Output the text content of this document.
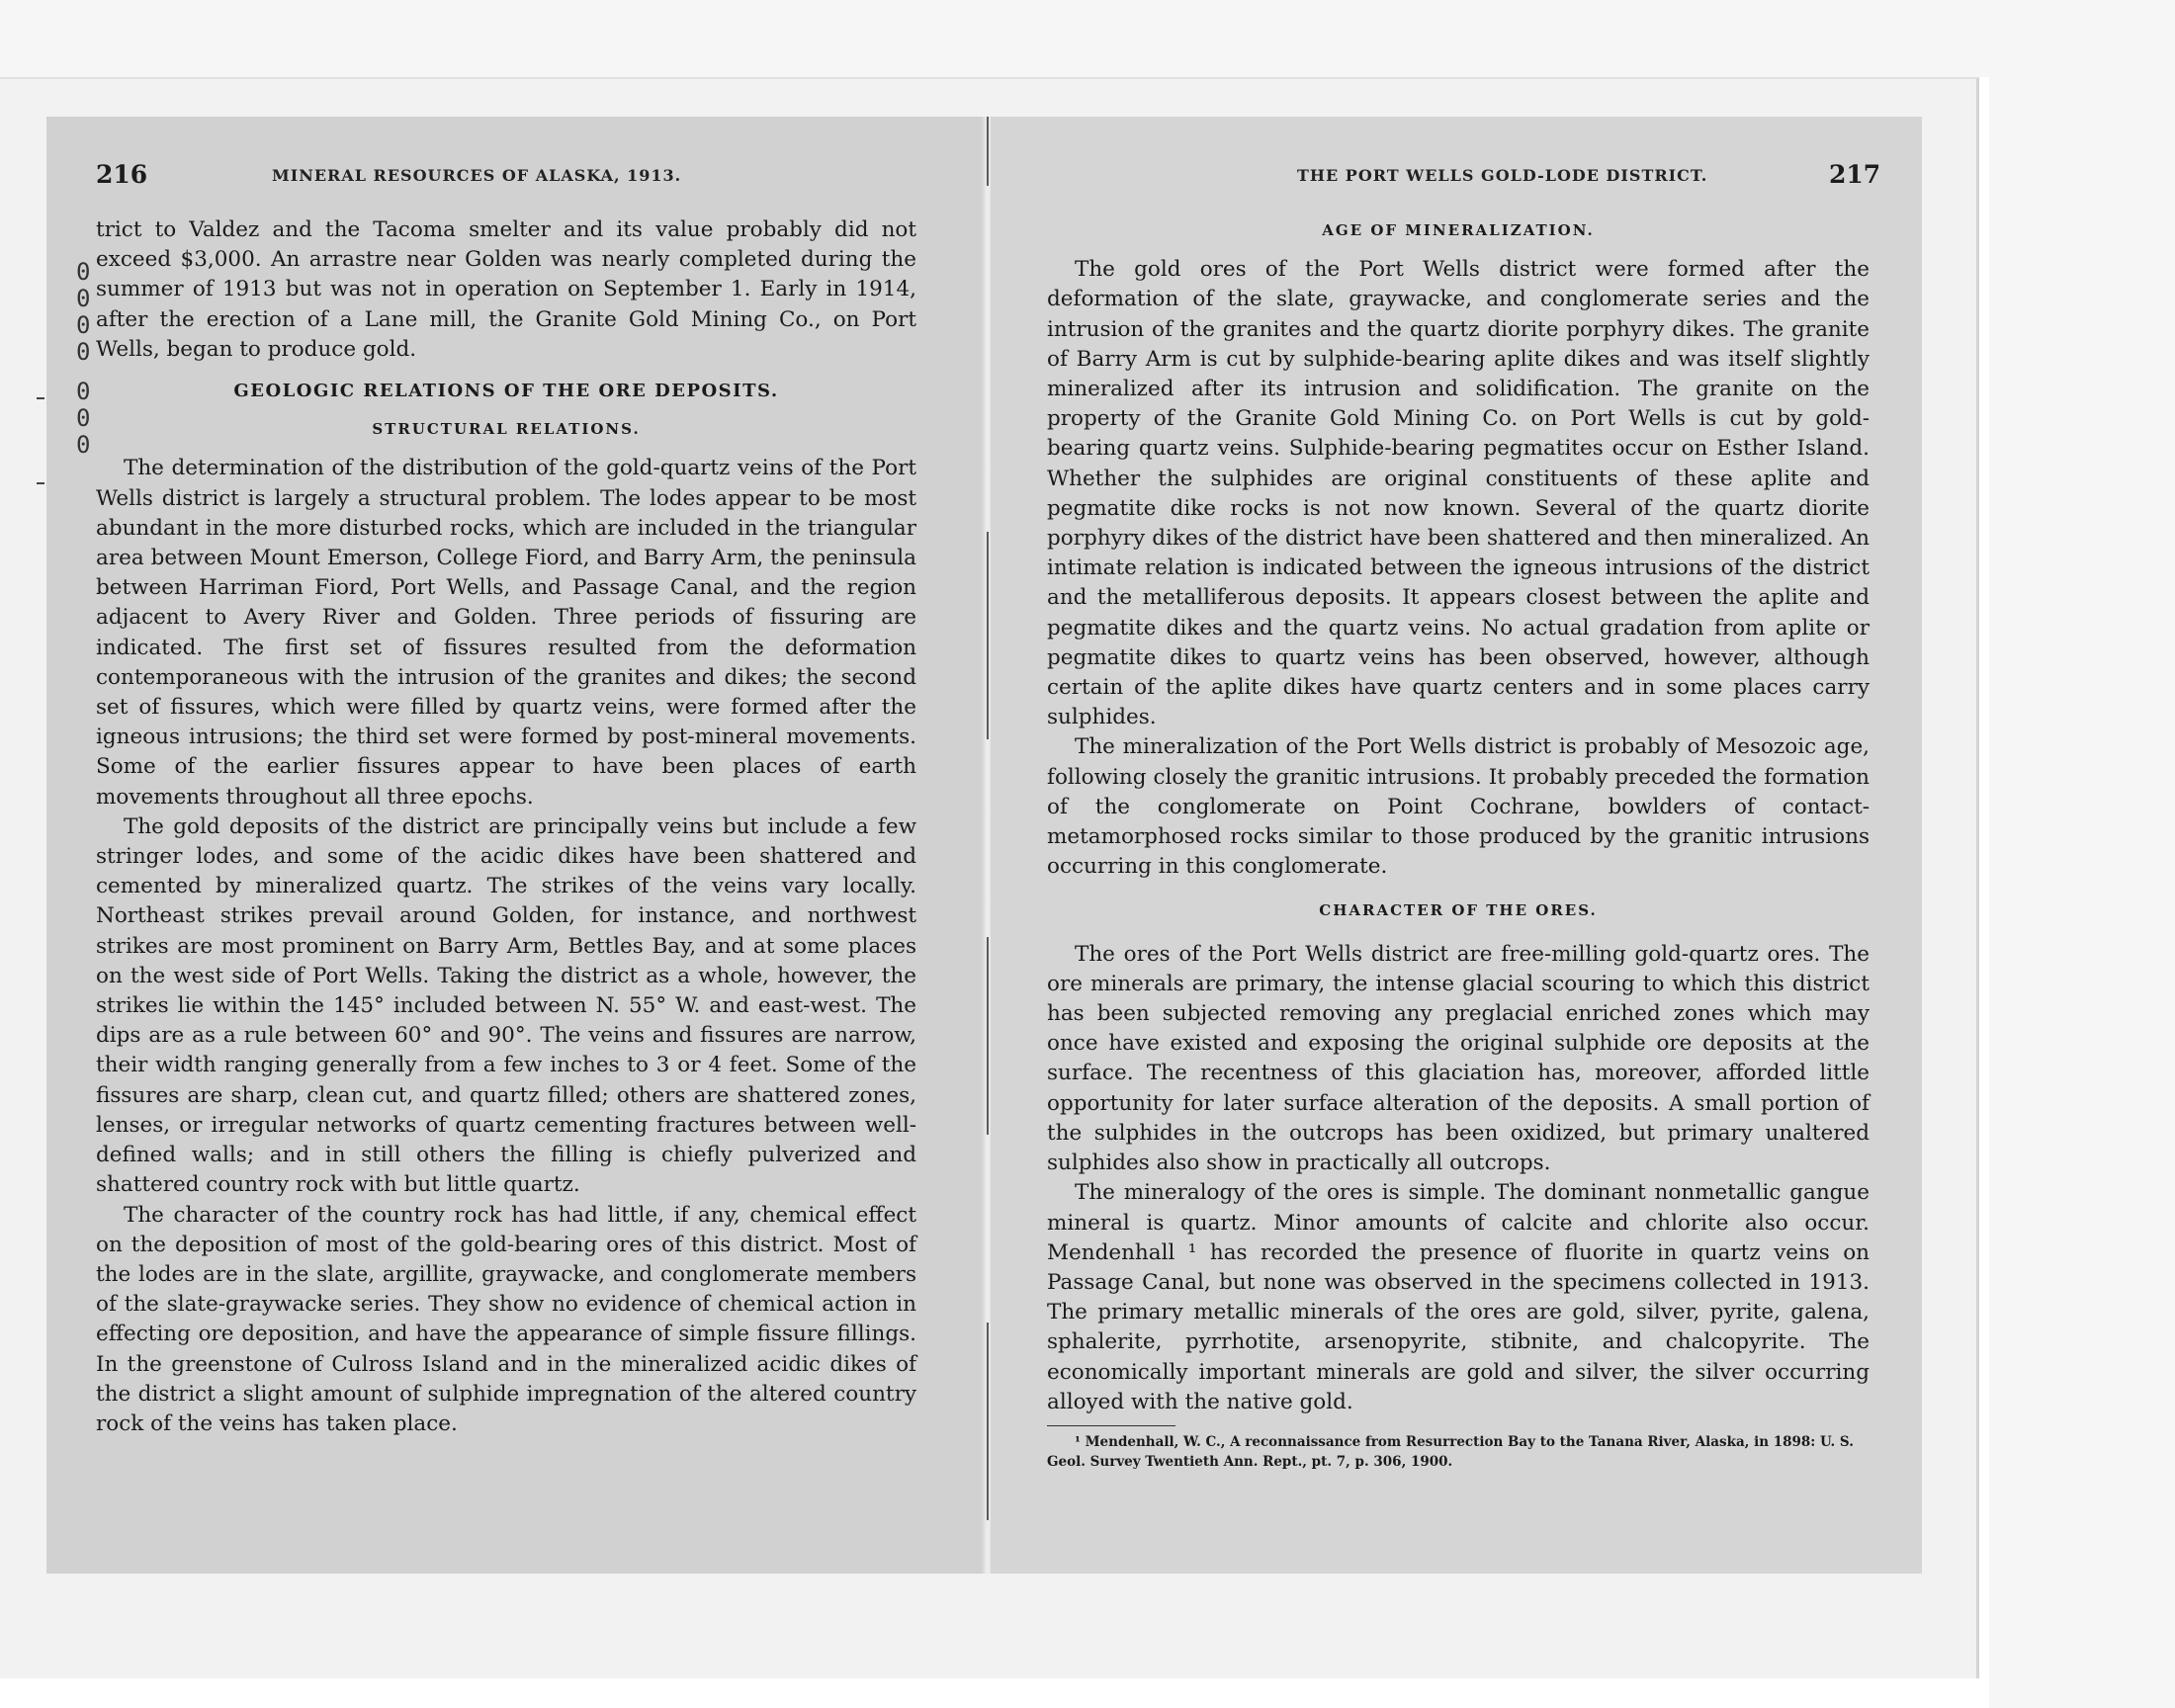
216	MINERAL RESOURCES OF ALASKA, 1913.
0
0
0
0
0
0
0

trict to Valdez and the Tacoma smelter and its value probably did not exceed $3,000. An arrastre near Golden was nearly completed during the summer of 1913 but was not in operation on September 1. Early in 1914, after the erection of a Lane mill, the Granite Gold Mining Co., on Port Wells, began to produce gold.

GEOLOGIC RELATIONS OF THE ORE DEPOSITS.
STRUCTURAL RELATIONS.

The determination of the distribution of the gold-quartz veins of the Port Wells district is largely a structural problem. The lodes appear to be most abundant in the more disturbed rocks, which are included in the triangular area between Mount Emerson, College Fiord, and Barry Arm, the peninsula between Harriman Fiord, Port Wells, and Passage Canal, and the region adjacent to Avery River and Golden. Three periods of fissuring are indicated. The first set of fissures resulted from the deformation contemporaneous with the intrusion of the granites and dikes; the second set of fissures, which were filled by quartz veins, were formed after the igneous intrusions; the third set were formed by post-mineral movements. Some of the earlier fissures appear to have been places of earth movements throughout all three epochs.

The gold deposits of the district are principally veins but include a few stringer lodes, and some of the acidic dikes have been shattered and cemented by mineralized quartz. The strikes of the veins vary locally. Northeast strikes prevail around Golden, for instance, and northwest strikes are most prominent on Barry Arm, Bettles Bay, and at some places on the west side of Port Wells. Taking the district as a whole, however, the strikes lie within the 145° included between N. 55° W. and east-west. The dips are as a rule between 60° and 90°. The veins and fissures are narrow, their width ranging generally from a few inches to 3 or 4 feet. Some of the fissures are sharp, clean cut, and quartz filled; others are shattered zones, lenses, or irregular networks of quartz cementing fractures between well-defined walls; and in still others the filling is chiefly pulverized and shattered country rock with but little quartz.

The character of the country rock has had little, if any, chemical effect on the deposition of most of the gold-bearing ores of this district. Most of the lodes are in the slate, argillite, graywacke, and conglomerate members of the slate-graywacke series. They show no evidence of chemical action in effecting ore deposition, and have the appearance of simple fissure fillings. In the greenstone of Culross Island and in the mineralized acidic dikes of the district a slight amount of sulphide impregnation of the altered country rock of the veins has taken place.

THE PORT WELLS GOLD-LODE DISTRICT.	217
AGE OF MINERALIZATION.

The gold ores of the Port Wells district were formed after the deformation of the slate, graywacke, and conglomerate series and the intrusion of the granites and the quartz diorite porphyry dikes. The granite of Barry Arm is cut by sulphide-bearing aplite dikes and was itself slightly mineralized after its intrusion and solidification. The granite on the property of the Granite Gold Mining Co. on Port Wells is cut by gold-bearing quartz veins. Sulphide-bearing pegmatites occur on Esther Island. Whether the sulphides are original constituents of these aplite and pegmatite dike rocks is not now known. Several of the quartz diorite porphyry dikes of the district have been shattered and then mineralized. An intimate relation is indicated between the igneous intrusions of the district and the metalliferous deposits. It appears closest between the aplite and pegmatite dikes and the quartz veins. No actual gradation from aplite or pegmatite dikes to quartz veins has been observed, however, although certain of the aplite dikes have quartz centers and in some places carry sulphides.

The mineralization of the Port Wells district is probably of Mesozoic age, following closely the granitic intrusions. It probably preceded the formation of the conglomerate on Point Cochrane, bowlders of contact-metamorphosed rocks similar to those produced by the granitic intrusions occurring in this conglomerate.

CHARACTER OF THE ORES.

The ores of the Port Wells district are free-milling gold-quartz ores. The ore minerals are primary, the intense glacial scouring to which this district has been subjected removing any preglacial enriched zones which may once have existed and exposing the original sulphide ore deposits at the surface. The recentness of this glaciation has, moreover, afforded little opportunity for later surface alteration of the deposits. A small portion of the sulphides in the outcrops has been oxidized, but primary unaltered sulphides also show in practically all outcrops.

The mineralogy of the ores is simple. The dominant nonmetallic gangue mineral is quartz. Minor amounts of calcite and chlorite also occur. Mendenhall ¹ has recorded the presence of fluorite in quartz veins on Passage Canal, but none was observed in the specimens collected in 1913. The primary metallic minerals of the ores are gold, silver, pyrite, galena, sphalerite, pyrrhotite, arsenopyrite, stibnite, and chalcopyrite. The economically important minerals are gold and silver, the silver occurring alloyed with the native gold.

¹ Mendenhall, W. C., A reconnaissance from Resurrection Bay to the Tanana River, Alaska, in 1898: U. S. Geol. Survey Twentieth Ann. Rept., pt. 7, p. 306, 1900.
